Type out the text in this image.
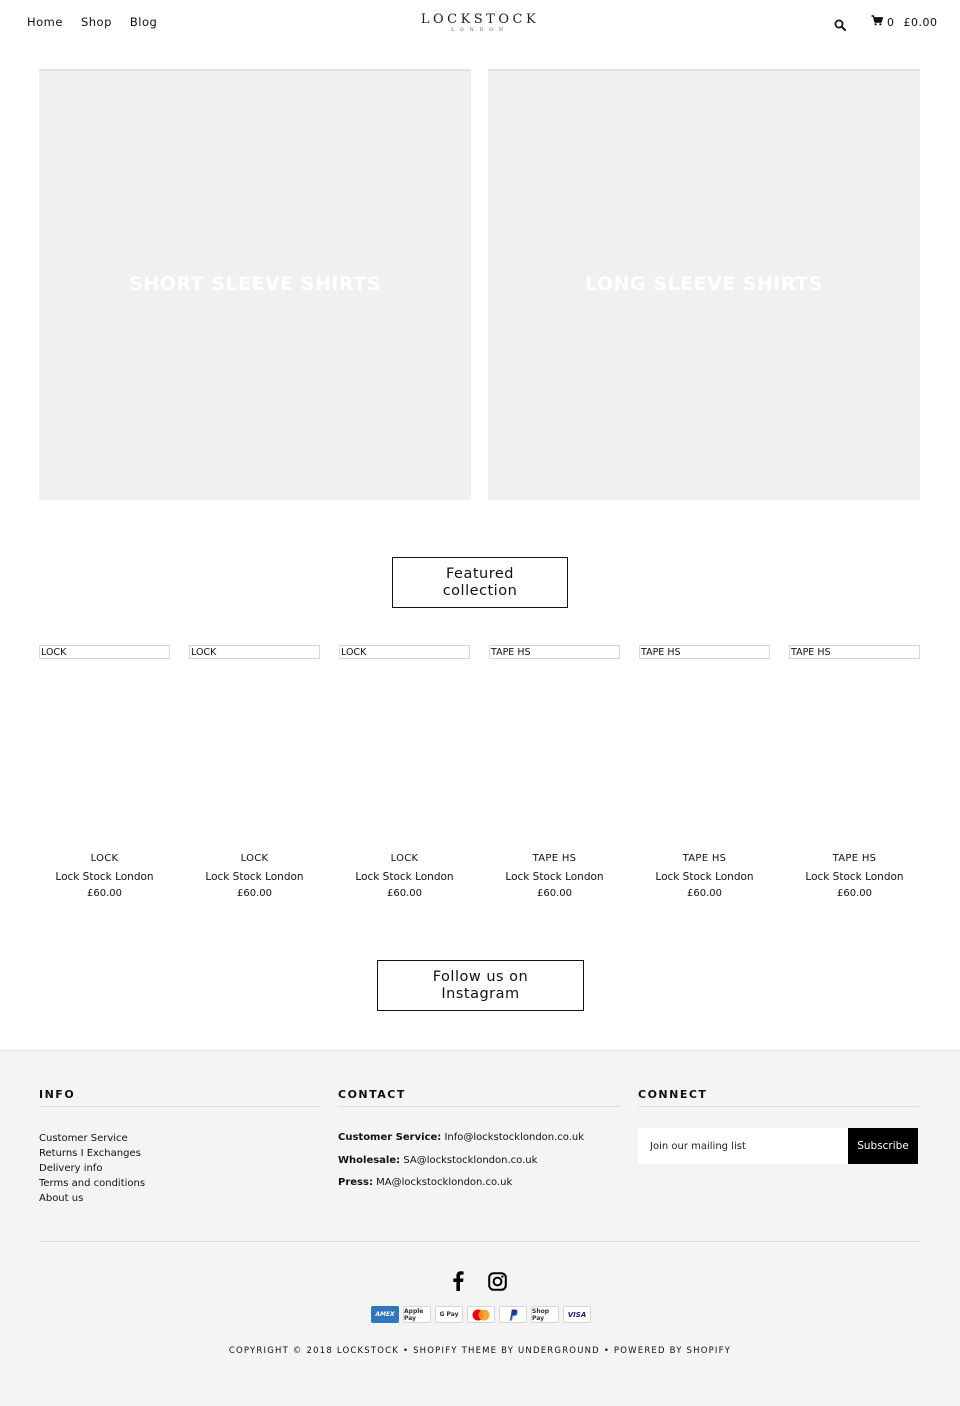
Home Shop Blog	LOCKSTOCK
LONDON
0 £0.00
SHORT SLEEVE SHIRTS	LONG SLEEVE SHIRTS
Featured collection
LOCK
LOCK
Lock Stock London
£60.00
LOCK
LOCK
Lock Stock London
£60.00
LOCK
LOCK
Lock Stock London
£60.00
TAPE HS
TAPE HS
Lock Stock London
£60.00
TAPE HS
TAPE HS
Lock Stock London
£60.00
TAPE HS
TAPE HS
Lock Stock London
£60.00
Follow us on Instagram
INFO
Customer Service
Returns I Exchanges
Delivery info
Terms and conditions
About us
CONTACT

Customer Service: Info@lockstocklondon.co.uk

Wholesale: SA@lockstocklondon.co.uk

Press: MA@lockstocklondon.co.uk

CONNECT
Join our mailing list
Subscribe
AMEX	Apple Pay	G Pay	Shop Pay	VISA
COPYRIGHT © 2018 LOCKSTOCK • SHOPIFY THEME BY UNDERGROUND • POWERED BY SHOPIFY
